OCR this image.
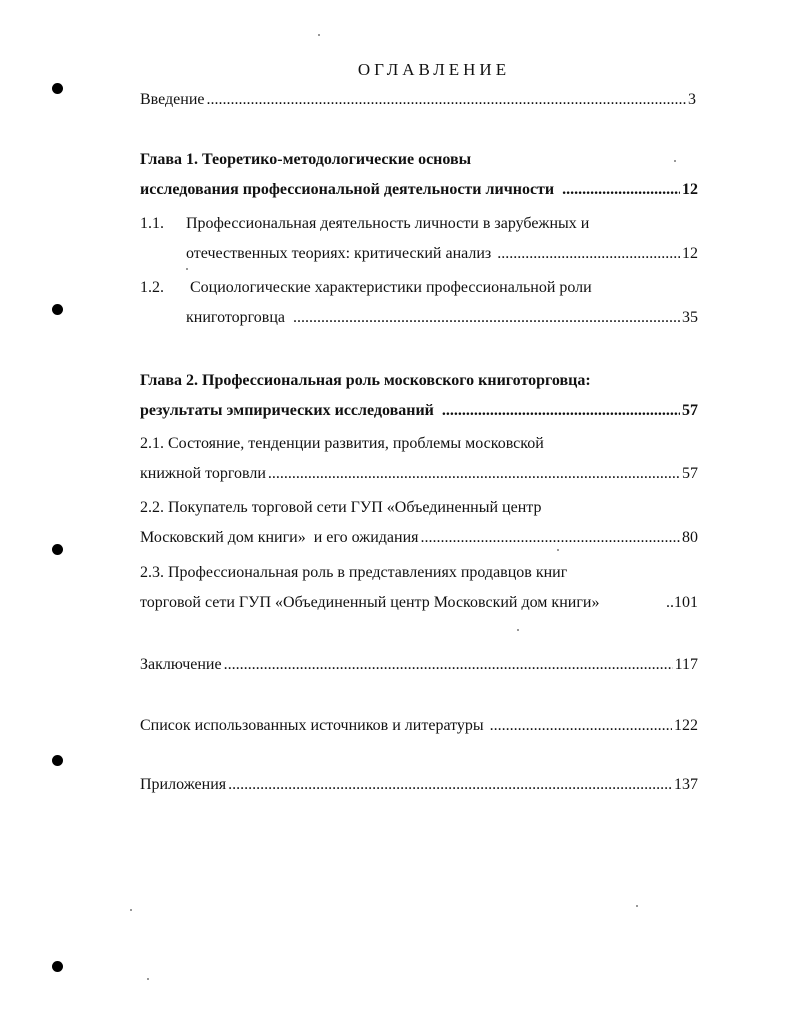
ОГЛАВЛЕНИЕ
Введение .....	3
Глава 1. Теоретико-методологические основы
исследования профессиональной деятельности личности .....	12
1.1. Профессиональная деятельность личности в зарубежных и
отечественных теориях: критический анализ .....	12
1.2. Социологические характеристики профессиональной роли
книготорговца .....	35
Глава 2. Профессиональная роль московского книготорговца:
результаты эмпирических исследований .....	57
2.1. Состояние, тенденции развития, проблемы московской
книжной торговли .....	57
2.2. Покупатель торговой сети ГУП «Объединенный центр
Московский дом книги»  и его ожидания .....	80
2.3. Профессиональная роль в представлениях продавцов книг
торговой сети ГУП «Объединенный центр Московский дом книги»	..101
Заключение .....	117
Список использованных источников и литературы .....	122
Приложения .....	137
